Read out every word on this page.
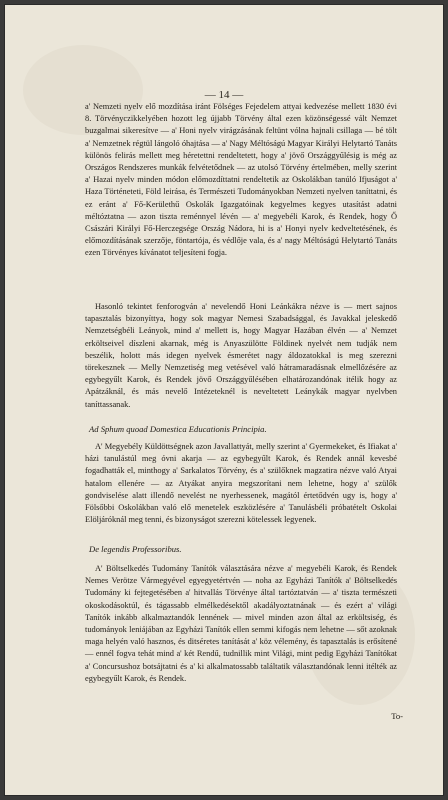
— 14 —
a' Nemzeti nyelv elő mozdítása iránt Fölséges Fejedelem attyai kedvezése mellett 1830 évi 8. Törvényczikkelyében hozott leg újjabb Törvény által ezen közönségessé vált Nemzet buzgalmai sikeresítve — a' Honi nyelv virágzásának feltünt vólna hajnali csillaga — bé tölt a' Nemzetnek régtül lángoló óhajtása — a' Nagy Méltóságú Magyar Királyi Helytartó Tanáts különös felirás mellett meg héretettni rendeltetett, hogy a' jövő Országgyűlésig is még az Országos Rendszeres munkák felvétetődnek — az utolsó Törvény értelmében, melly szerint a' Hazai nyelv minden módon előmozdíttatni rendeltetik az Oskolákban tanúló Ifjuságot a' Haza Történeteti, Föld leirása, és Természeti Tudományokban Nemzeti nyelven taníttatni, és ez eránt a' Fő-Kerülethű Oskolák Igazgatóinak kegyelmes kegyes utasítást adatni méltóztatna — azon tiszta reménnyel lévén — a' megyebéli Karok, és Rendek, hogy Ő Császári Királyi Fő-Herczegsége Ország Nádora, hi is a' Honyi nyelv kedveltetésének, és előmozdításának szerzője, föntartója, és védlője vala, és a' nagy Méltóságú Helytartó Tanáts ezen Törvényes kívánatot teljesíteni fogja.
Hasonló tekintet fenforogván a' nevelendő Honi Leánkákra nézve is — mert sajnos tapasztalás bizonyíttya, hogy sok magyar Nemesi Szabadsággal, és Javakkal jeleskedő Nemzetségbéli Leányok, mind a' mellett is, hogy Magyar Hazában élvén — a' Nemzet erköltseivel díszleni akarnak, még is Anyaszülötte Földinek nyelvét nem tudják nem beszélik, holott más idegen nyelvek ésmerétet nagy áldozatokkal is meg szerezni törekesznek — Melly Nemzetiség meg vetésével való hátramaradásnak elmellőzésére az egybegyűlt Karok, és Rendek jövő Országgyűlésében elhatározandónak itélik hogy az Apátzáknál, és más nevelő Intézeteknél is neveltetett Leánykák magyar nyelvben taníttassanak.
Ad Sphum quoad Domestica Educationis Principia.
A' Megyebély Küldöttségnek azon Javallattyát, melly szerint a' Gyermekeket, és Ifiakat a' házi tanulástúl meg óvni akarja — az egybegyűlt Karok, és Rendek annál kevesbé fogadhatták el, minthogy a' Sarkalatos Törvény, és a' szülőknek magzatira nézve való Atyai hatalom ellenére — az Atyákat anyira megszorítani nem lehetne, hogy a' szülők gondviselése alatt illendő nevelést ne nyerhessenek, magától értetődvén ugy is, hogy a' Fölsőbbi Oskolákban való elő menetelek eszközlésére a' Tanulásbéli próbatételt Oskolai Elöljáróknál meg tenni, és bizonyságot szerezni kötelessek legyenek.
De legendis Professoribus.
A' Böltselkedés Tudomány Tanítók választására nézve a' megyebéli Karok, és Rendek Nemes Verötze Vármegyével egyegyetértvén — noha az Egyházi Tanítók a' Böltselkedés Tudomány ki fejtegetésében a' hitvallás Törvénye által tartóztatván — a' tiszta természeti okoskodásoktúl, és tágassabb elmélkedésektől akadályoztatnának — és ezért a' világi Tanítók inkább alkalmaztandók lennének — mivel minden azon által az erköltsiség, és tudományok leniájában az Egyházi Tanítók ellen semmi kifogás nem lehetne — sőt azoknak maga helyén való hasznos, és ditséretes tanítását a' köz vélemény, és tapasztalás is erősítené — ennél fogva tehát mind a' két Rendű, tudnillik mint Világi, mint pedig Egyházi Tanítókat a' Concursushoz botsájtatni és a' ki alkalmatossabb találtatik választandónak lenni itélték az egybegyűlt Karok, és Rendek.
To-
